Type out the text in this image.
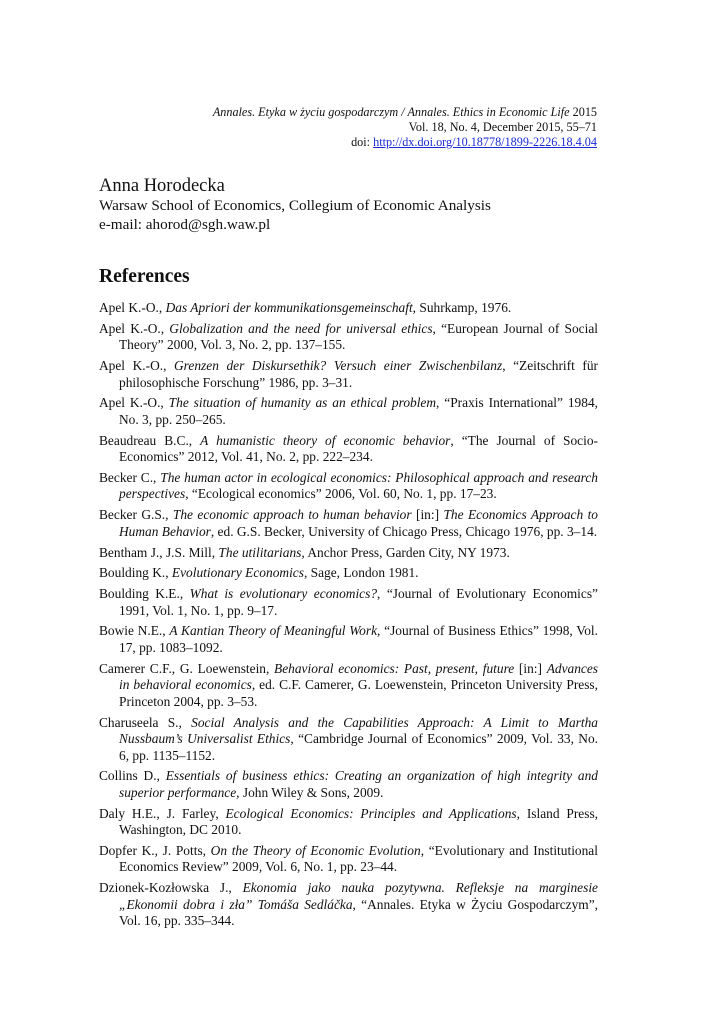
Annales. Etyka w życiu gospodarczym / Annales. Ethics in Economic Life 2015
Vol. 18, No. 4, December 2015, 55–71
doi: http://dx.doi.org/10.18778/1899-2226.18.4.04
Anna Horodecka
Warsaw School of Economics, Collegium of Economic Analysis
e-mail: ahorod@sgh.waw.pl
References
Apel K.-O., Das Apriori der kommunikationsgemeinschaft, Suhrkamp, 1976.
Apel K.-O., Globalization and the need for universal ethics, “European Journal of Social Theory” 2000, Vol. 3, No. 2, pp. 137–155.
Apel K.-O., Grenzen der Diskursethik? Versuch einer Zwischenbilanz, “Zeitschrift für philosophische Forschung” 1986, pp. 3–31.
Apel K.-O., The situation of humanity as an ethical problem, “Praxis International” 1984, No. 3, pp. 250–265.
Beaudreau B.C., A humanistic theory of economic behavior, “The Journal of Socio-Economics” 2012, Vol. 41, No. 2, pp. 222–234.
Becker C., The human actor in ecological economics: Philosophical approach and research perspectives, “Ecological economics” 2006, Vol. 60, No. 1, pp. 17–23.
Becker G.S., The economic approach to human behavior [in:] The Economics Approach to Human Behavior, ed. G.S. Becker, University of Chicago Press, Chicago 1976, pp. 3–14.
Bentham J., J.S. Mill, The utilitarians, Anchor Press, Garden City, NY 1973.
Boulding K., Evolutionary Economics, Sage, London 1981.
Boulding K.E., What is evolutionary economics?, “Journal of Evolutionary Economics” 1991, Vol. 1, No. 1, pp. 9–17.
Bowie N.E., A Kantian Theory of Meaningful Work, “Journal of Business Ethics” 1998, Vol. 17, pp. 1083–1092.
Camerer C.F., G. Loewenstein, Behavioral economics: Past, present, future [in:] Advances in behavioral economics, ed. C.F. Camerer, G. Loewenstein, Princeton University Press, Princeton 2004, pp. 3–53.
Charuseela S., Social Analysis and the Capabilities Approach: A Limit to Martha Nussbaum’s Universalist Ethics, “Cambridge Journal of Economics” 2009, Vol. 33, No. 6, pp. 1135–1152.
Collins D., Essentials of business ethics: Creating an organization of high integrity and superior performance, John Wiley & Sons, 2009.
Daly H.E., J. Farley, Ecological Economics: Principles and Applications, Island Press, Washington, DC 2010.
Dopfer K., J. Potts, On the Theory of Economic Evolution, “Evolutionary and Institutional Economics Review” 2009, Vol. 6, No. 1, pp. 23–44.
Dzionek-Kozłowska J., Ekonomia jako nauka pozytywna. Refleksje na marginesie „Ekonomii dobra i zła” Tomáša Sedláčka, “Annales. Etyka w Życiu Gospodarczym”, Vol. 16, pp. 335–344.
